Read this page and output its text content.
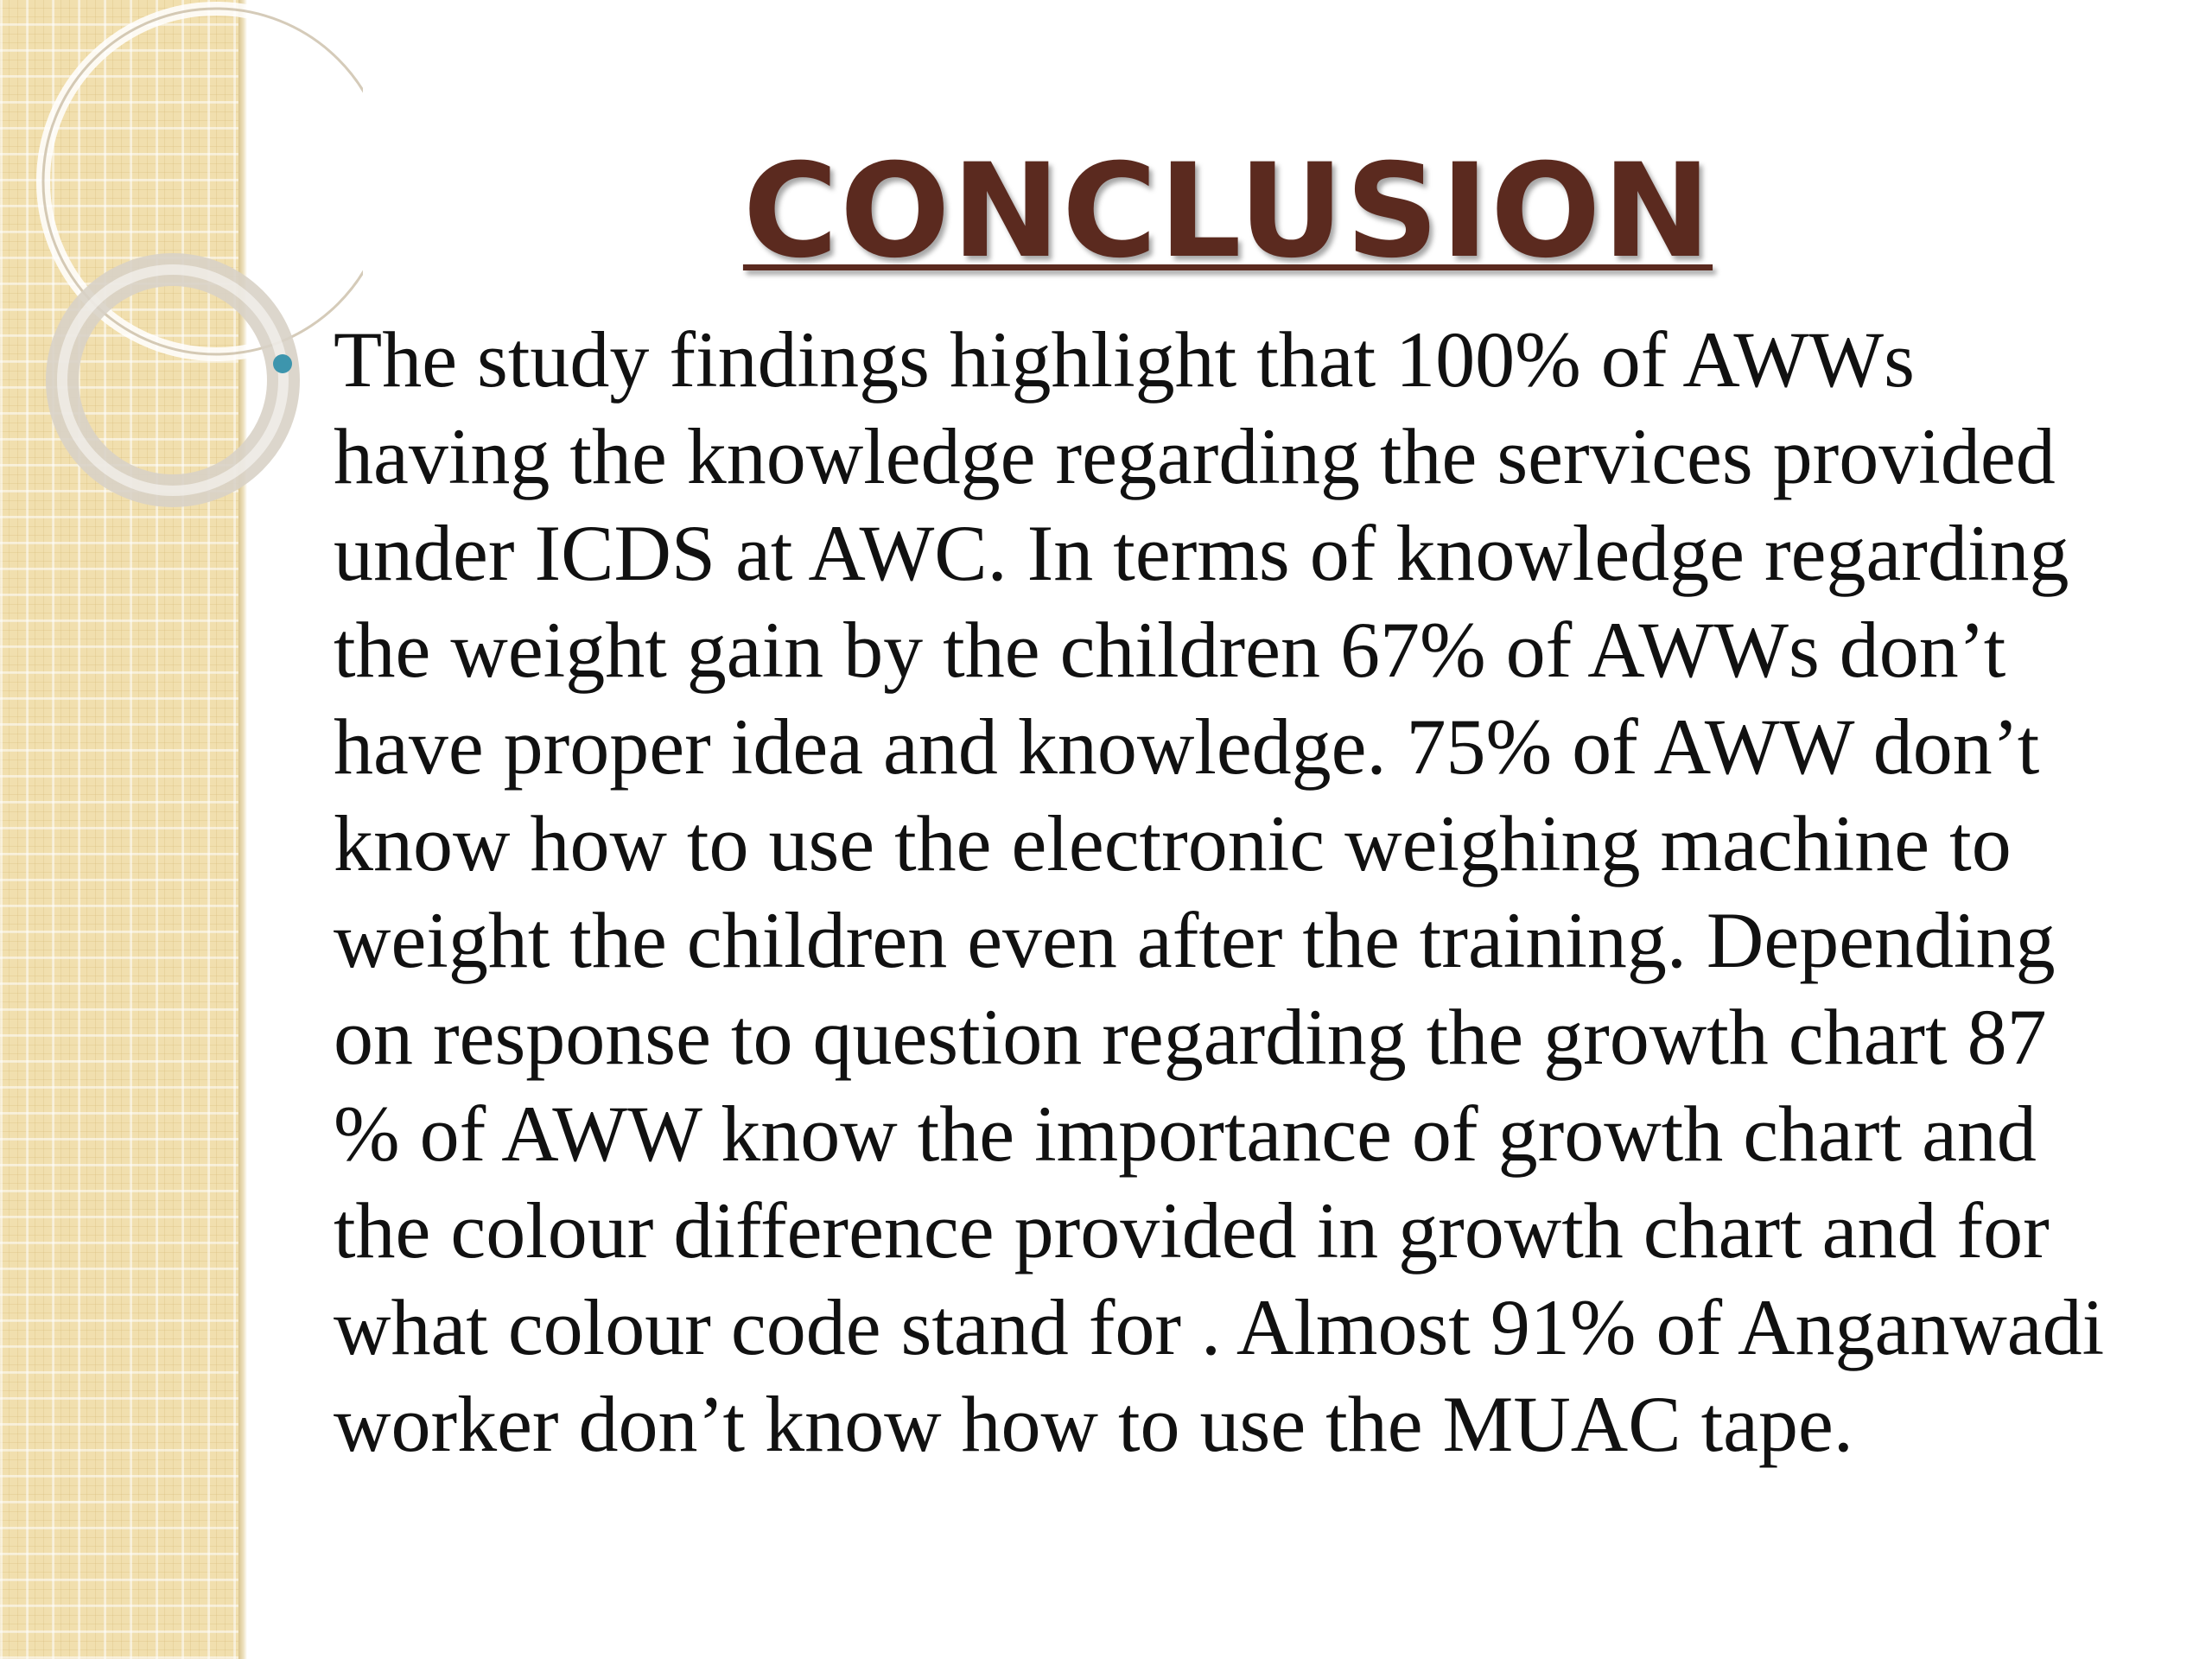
CONCLUSION
The study findings highlight that 100% of AWWs
having the knowledge regarding the services provided
under ICDS at AWC. In terms of knowledge regarding
the weight gain by the children 67% of AWWs don’t
have proper idea and knowledge. 75% of AWW don’t
know how to use the electronic weighing machine to
weight the children even after the training. Depending
on response to question regarding the growth chart 87
% of AWW know the importance of growth chart and
the colour difference provided in growth chart and for
what colour code stand for . Almost 91% of Anganwadi
worker don’t know how to use the MUAC tape.
